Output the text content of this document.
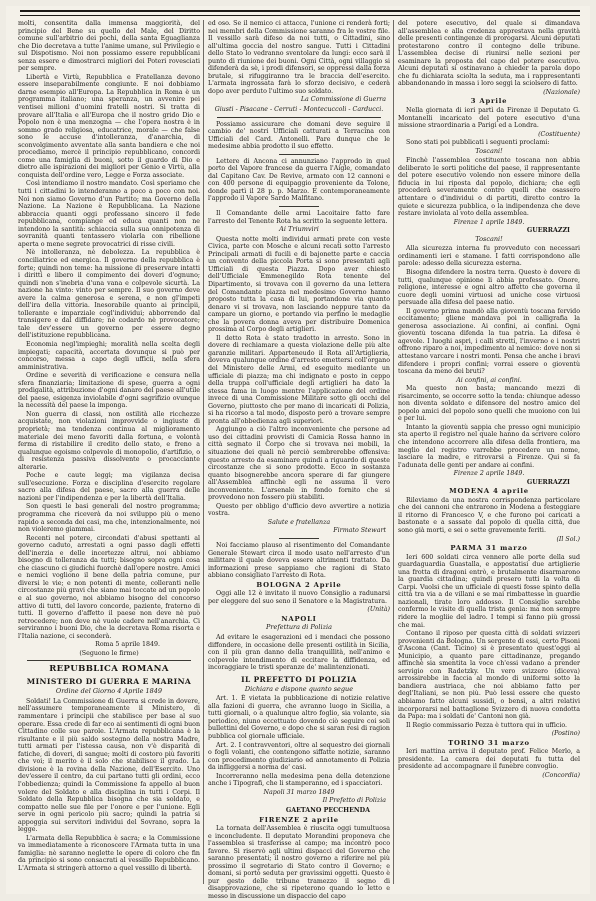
molti, consentita dalla immensa maggiorità, del principio del Bene su quello del Male, del Diritto comune sull'arbitrio dei pochi, della santa Eguaglianza che Dio decretava a tutte l'anime umane, sul Privilegio e sul Dispotismo. Noi non possiamo essere repubblicani senza essere e dimostrarci migliori dei Poteri rovesciati per sempre.

Libertà e Virtù, Repubblica e Fratellanza devono essere inseparabilmente congiunte. E noi dobbiamo darne esempio all'Europa. La Repubblica in Roma è un programma italiano; una speranza, un avvenire pei ventisei milioni d'uomini fratelli nostri. Si tratta di provare all'Italia e all'Europa che il nostro grido Dio e Popolo non è una menzogna — che l'opera nostra è in sommo grado religiosa, educatrice, morale — che false sono le accuse d'intolleranza, d'anarchia, di sconvolgimento avventate alla santa bandiera e che noi procediamo, mercè il principio repubblicano, concordi come una famiglia di buoni, sotto il guardo di Dio e dietro alle ispirazioni dei migliori per Genio e Virtù, alla conquista dell'ordine vero, Legge e Forza associate.

Così intendiamo il nostro mandato. Così speriamo che tutti i cittadini lo intenderanno a poco a poco con noi. Noi non siamo Governo d'un Partito; ma Governo della Nazione. La Nazione è Repubblicana. La Nazione abbraccia quanti oggi professano sincero il fede repubblicana, compiange ed educa quanti non ne intendono la santità: schiaccia sulla sua onnipotenza di sovranità quanti tentassero violarla con ribellione aperta o mene segrete provocatrici di risse civili.

Nè intolleranza, nè debolezza. La repubblica è conciliatrice ed energica. Il governo della repubblica è forte; quindi non teme: ha missione di preservare intatti i diritti e libero il compimento dei doveri d'ognuno; quindi non s'inebria d'una vana e colpevole sicurtà. La nazione ha vinto: vinto per sempre. Il suo governo deve avere la calma generosa e serena, e non gl'impeti dell'ira della vittoria. Inesorabile quanto ai principii, tollerante e imparziale cogl'individui; abborrendo dal transigere e dal diffidare; nè codardo nè provocatore; tale dev'essere un governo per essere degno dell'istituzione repubblicana.

Economia negl'impieghi; moralità nella scelta degli impiegati; capacità, accertata dovunque si può per concorso, messa a capo degli ufficii, nella sfera amministrativa.

Ordine e severità di verificazione e censura nella sfera finanziaria; limitazione di spese, guerra a ogni prodigalità, attribuzione d'ogni danaro del paese all'utile del paese, esigenza inviolabile d'ogni sagrifizio ovunque la necessità del paese la imponga.

Non guerra di classi, non ostilità alle ricchezze acquistate, non violazioni improvvide o ingiuste di proprietà; ma tendenza continua al miglioramento materiale dei meno favoriti dalla fortuna, e volontà ferma di ristabilire il credito dello stato, e freno a qualunque egoismo colpevole di monopolio, d'artifizio, o di resistenza passiva dissolvente o procacciante alterarie.

Poche e caute leggi; ma vigilanza decisa sull'esecuzione. Forza e disciplina d'esercito regolare sacro alla difesa del paese, sacro alla guerra delle nazioni per l'indipendenza e per la libertà dell'Italia.

Son questi le basi generali del nostro programma; programma che riceverà da noi sviluppo più o meno rapido a seconda dei casi, ma che, intenzionalmente, noi non violeremo giammai.

Recenti nel potere, circondati d'abusi spettanti al governo caduto, arrestati a ogni passo dagli effetti dell'inerzia e delle incertezze altrui, noi abbiamo bisogno di tolleranza da tutti; bisogno sopra ogni cosa che ciascuno ci giudichi fuorchè dall'opere nostre. Amici e nemici vogliono il bene della patria comune, pur diversi le vie; e non potenti di mente, colleranti nelle circostanze più gravi che siano mai toccate ad un popolo e al suo governo, noi abbiamo bisogno del concorso attivo di tutti, del lavoro concorde, paziente, fraterno di tutti. Il governo d'affetto il paese non deve nè può retrocedere; non deve nè vuole cadere nell'anarchia. Ci serviranno i buoni Dio, che la decretava Roma risorta e l'Italia nazione, ci seconderà.

Roma 5 aprile 1849.

(Seguono le firme)

REPUBBLICA ROMANA
MINISTERO DI GUERRA E MARINA
Ordine del Giorno 4 Aprile 1849

Soldati! La Commissione di Guerra si crede in dovere, nell'assumere temporaneamente il Ministero, di rammentare i principii che stabilisce per base al suo operare. Essa crede di far eco ai sentimenti di ogni buon Cittadino colle sue parole. L'Armata repubblicana è la risultante e il più saldo sostegno della nostra Madre, tutti armati per l'istessa causa, non v'è disparità di fatiche, di doveri, di sangue; molti di costoro più favoriti che voi; il merito è il solo che stabilisce il grado. La divisione è la rovina della Nazione, dell'Esercito. Uno dev'essere il centro, da cui partano tutti gli ordini, ecco l'obbedienza; quindi la Commissione fa appello al buon volere del Soldato e alla disciplina in tutti i Corpi. Il Soldato della Repubblica bisogna che sia soldato, e compatto nelle sue file per l'onore e per l'unione. Egli serve in ogni pericolo più sacro; quindi la patria si appoggia sui servitori individui del Sovrano, sopra la legge.

L'armata della Repubblica è sacra; e la Commissione va immediatamente a riconoscere l'Armata tutta in una famiglia: nè saranno neglette le opere di coloro che fin da principio si sono consacrati al vessillo Repubblicano. L'Armata si stringerà attorno a quel vessillo di libertà.

ed oso. Se il nemico ci attacca, l'unione ci renderà forti; nei membri della Commissione saranno fra le vostre file. Il vessillo sarà difeso da noi tutti, o Cittadini, sino all'ultima goccia del nostro sangue. Tutti i Cittadini dello Stato lo vedranno sventolare da lungi: ecco sarà il punto di riunione dei buoni. Ogni Città, ogni villaggio si difenderà da sè, i prodi difensori, se oppressi dalla forza brutale, si rifuggiranno tra le braccia dell'esercito. L'armata ingrossata farà lo sforzo decisivo, e cederà dopo aver perduto l'ultimo suo soldato.

La Commissione di Guerra

Giusti - Pisacane - Cerruti - Montecuccoli - Carducci.

Possiamo assicurare che domani deve seguire il cambio de' nostri Ufficiali catturati a Terracina con Ufficiali del Card. Antonelli. Pare dunque che le medesime abbia prodotto il suo effetto.

Lettere di Ancona ci annunziano l'approdo in quel porto del Vapore francese da guerra l'Aigle, comandato dal Capitano Cav. De Revive, armato con 12 cannoni e con 400 persone di equipaggio proveniente da Tolone, donde partì il 28 p. p. Marzo. E contemporaneamente l'approdo il Vapore Sardo Malfitano.

Il Comandante delle armi Lacoitaire fatto fare l'arresto del Tenente Rota ha scritto la seguente lettera.

Ai Triumviri

Questa notte molti individui armati prete con veste Civica, parte con Mosche e alcuni recati sotto l'arresto Principali armati di fucili e di bajonette parte e caccia un convento della piccola Porta si sono presentati agli Ufficiali di questa Piazza. Dopo aver chiesto dell'Ufficiale Emmenegildo Rota tenente del Dipartimento, si trovava con il governo da una lettera del Comandante piazza nel medesimo Governo hanno proposto tutta la casa di lui, portandone via quanto denaro vi si trovava, non lasciando neppure tanto da campare un giorno, e portando via perfino le medaglie che la povera donna aveva per distribuire Domenica prossima al Corpo degli artiglieri.

Il detto Rota è stato tradotto in arresto. Sono in dovere di rechiamare a questa violazione delle più alte garanzie militari. Apparteneudo il Rota all'Artiglieria, doveva qualunque ordine d'arresto emettersi coll'organo del Ministero delle Armi, ed eseguito mediante un ufficiale di piazza; ma chi indignato e posto in ceppo della truppa coll'ufficiale degli artiglieri ha dato la stessa fama in luogo mentre l'applicazione del ordine invece di una Commissione Militare sotto gli occhi del Governo, piuttosto che per mano di incaricati di Polizia, si ha ricorso a tal modo, disposto però a trovare sempre pronta all'obbedienza agli superiori.

Aggiungo a ciò l'altro inconveniente che persone ad uso dei cittadini provvisti di Camicia Rossa hanno in città segnato il Corpo che si trovava nei mobili, la situazione dei quali nè perciò sembrerebbe offensiva: questo arresto da esaminare quindi a riguardo di queste circostanze che si sono prodotte. Ecco in sostanza quanto bisognerebbe ancora sperare di far giungere all'Assemblea affinchè egli ne assuma il vero inconveniente. L'arsenale in fondo fornito che si provvedono non fossero più stabiliti.

Questo per obbligo d'ufficio devo avvertire a notizia vostra.

Salute e fratellanza

Firmato Stewart

Noi facciamo plauso al risentimento del Comandante Generale Stewart circa il modo usato nell'arresto d'un milittare il quale doveva essere altrimenti trattato. Da informazioni prese sappiamo che ragioni di Stato abbiano consigliato l'arresto di Rota.

BOLOGNA 2 Aprile

Oggi alle 12 è invitato il nuovo Consiglio a radunarsi per eleggere del suo seno il Senatore e la Magistratura.

(Unità)

NAPOLI
Prefettura di Polizia

Ad evitare le esagerazioni ed i mendaci che possono diffondere, in occasione delle presenti ostilità in Sicilia, con il più gran danno della tranquillità, nell'animo e colpevole intendimento di eccitare la diffidenza, ed incoraggiare le tristi speranze de' malintenzionati.

IL PREFETTO DI POLIZIA
Dichiara e dispone quanto segue

Art. 1. È vietata la pubblicazione di notizie relative alla fazioni di guerra, che avranno luogo in Sicilia, a tutti giornali, o a qualunque altro foglio, sia volante, sia periodico, niuno eccettuato dovendo ciò seguire coi soli bullettini del Governo, e dopo che si saran resi di ragion pubblica col giornale ufficiale.

Art. 2. I contravventori, oltre al sequestro dei giornali o fogli volanti, che contengono siffatte notizie, saranno con procedimento giudiziario ed annotamento di Polizia da infliggersi a norma de' casi.

Incorreranno nella medesima pena della detenzione anche i Tipografi, che li stamperanno, ed i spacciatori.

Napoli 31 marzo 1849

Il Prefetto di Polizia

GAETANO PECCHENDA

FIRENZE 2 aprile

La tornata dell'Assemblea è riuscita oggi tumultuosa e inconcludente. Il deputato Morandini proponeva che l'assemblea si trasferisse al campo; ma incontrò poco favore. Si riservò agli ultimi dispacci del Governo che saranno presentati; il nostro governo a riferire nel più prossimo il segretario di Stato contro il Governo; e domani, si portò seduta per gravissimi oggetti. Questo è pur gesto delle tribune tramezzo il segno di disapprovazione, che si ripeterono quando lo letto e messo in discussione un dispaccio del capo

del potere esecutivo, del quale si dimandava all'assemblea e alla credenza apprestava nella gravità delle presenti contingenze di prorogarsi. Alcuni deputati protestarono contro il contegno delle tribune. L'assemblea decise di riunirsi nelle sezioni per esaminare la proposta del capo del potere esecutivo. Alcuni deputati si ostinavano a chieder la parola dopo che fu dichiarata sciolta la seduta, ma i rappresentanti abbandonando in massa i loro seggi la sciolsero di fatto.

(Nazionale)

3 Aprile

Nella giornata di ieri partì da Firenze il Deputato G. Montanelli incaricato del potere esecutivo d'una missione straordinaria a Parigi ed a Londra.

(Costituente)

Sono stati poi pubblicati i seguenti proclami:

Toscani!

Finchè l'assemblea costituente toscana non abbia deliberato le sorti politiche del paese, il rappresentante del potere esecutivo volendo non essere minore della fiducia in lui riposta dal popolo, dichiara; che egli procederà severamente contro quelli che osassero attentare o d'individui o di partiti, diretto contro la quiete e sicurezza pubblica, o la indipendenza che deve restare inviolata al voto della assemblea.

Firenze 1 aprile 1849.

GUERRAZZI

Toscani!

Alla sicurezza interna fu provveduto con necessari ordinamenti ieri e stamane. I fatti corrispondono alle parole: adesso della sicurezza esterna.

Bisogna difendere la nostra terra. Questo è dovere di tutti, qualunque opinione li abbia professato. Onore, religione, interesse e ogni altro affetto che governa il cuore degli uomini virtuosi ad uniche cose virtuosi persuade alla difesa del paese natio.

Il governo prima mandò alla gioventù toscana fervido eccitamento; gliene mandava poi in calligrafia la generosa associazione. Ai confini, ai confini. Ogni gioventù toscana difenda la tua patria. La difesa è agevole. I luoghi aspri, i calli stretti, l'inverno e i nostri offrono riparo a noi, impedimento al nemico: dove non si attestano varcare i nostri monti. Pensa che anche i bravi difendere i propri confini; vorrai essere o gioventù toscana da meno dei bruti?

Ai confini, ai confini.

Ma questo non basta; mancando mezzi di risarcimento, se occorre sotto la tenda: chiunque adesso non diventa soldato e difensore del nostro amico del popolo amici del popolo sono quelli che muoiono con lui e per lui.

Intanto la gioventù sappia che presso ogni municipio sta aperto il registro nel quale hanno da scrivere coloro che intendono accorrere alla difesa della frontiera, ma meglio del registro varrebbe procedere un nome, lasciare la madre, e ritrovarsi a Firenze. Qui si fa l'adunata delle genti per andare ai confini.

Firenze 2 aprile 1849.

GUERRAZZI

MODENA 4 aprile

Rileviamo da una nostra corrispondenza particolare che dei cannoni che entrarono in Modena a festeggiare il ritorno di Francesco V, e che furono poi caricati a bastonate e a sassate dal popolo di quella città, due sono già morti, e sei o sette gravemente feriti.

(Il Sol.)

PARMA 31 marzo

Ieri 600 soldati circa vennero alle porte della sud guardaguardia Guastalla, e appostatisi due artiglierie una frotta di dragoni entrò, e brutalmente disarmarono la guardia cittadina; quindi presero tutti la volta di Carpi. Vuolsi che un ufficiale di questi fosse spinto della città tra via a de villani e se mai rimbattesse in guardie nazionali, tirate loro addosso. Il Consiglio sarebbe confermo le visite di quella trista genia: ma non sempre ridere la mogliie del ladro. I tempi si fanno più grossi che mai.

Contano il riposo per questa città di soldati svizzeri provenienti da Bologna. Un sergente di essi, certo Pisoni d'Ascona (Cant. Ticino) si è presentato quest'oggi al Municipio, a quanto pare cittadinanze, pregando affinchè sia smentita la voce ch'essi vadano a prender servigio con Radetzky. Un vero svizzero (diceva) arrossirebbe in faccia al mondo di uniformi sotto la bandiera austriaca, che noi abbiamo fatto per degl'Italiani, se non più. Può lessi essere che questo abbiamo fatto alcuni sussidi, o bensì, a altri relativi incorporarsi nel battaglione Svizzero di nuova condotta da Papa: ma i soldati de' Cantoni non già.

Il Regio commissario Pezza è tuttora qui in ufficio.

(Postino)

TORINO 31 marzo

Ieri mattina arriva il deputato prof. Felice Merlo, a presidente. La camera dei deputati fu tutta del presidente ad accompagnare il funebre convoglio.

(Concordia)
